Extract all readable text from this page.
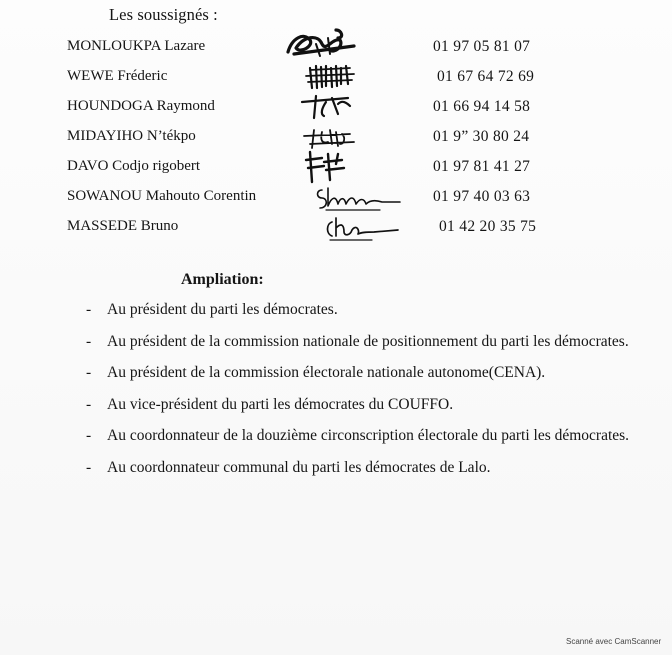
Les soussignés :
MONLOUKPA Lazare	01 97 05 81 07
WEWE Fréderic	01 67 64 72 69
HOUNDOGA Raymond	01 66 94 14 58
MIDAYIHO N’tékpo	01 9” 30 80 24
DAVO Codjo rigobert	01 97 81 41 27
SOWANOU Mahouto Corentin	01 97 40 03 63
MASSEDE Bruno	01 42 20 35 75
Ampliation:
-	Au président du parti les démocrates.
-	Au président de la commission nationale de positionnement du parti les démocrates.
-	Au président de la commission électorale nationale autonome(CENA).
-	Au vice-président du parti les démocrates du COUFFO.
-	Au coordonnateur de la douzième circonscription électorale du parti les démocrates.
-	Au coordonnateur communal du parti les démocrates de Lalo.
Scanné avec CamScanner
